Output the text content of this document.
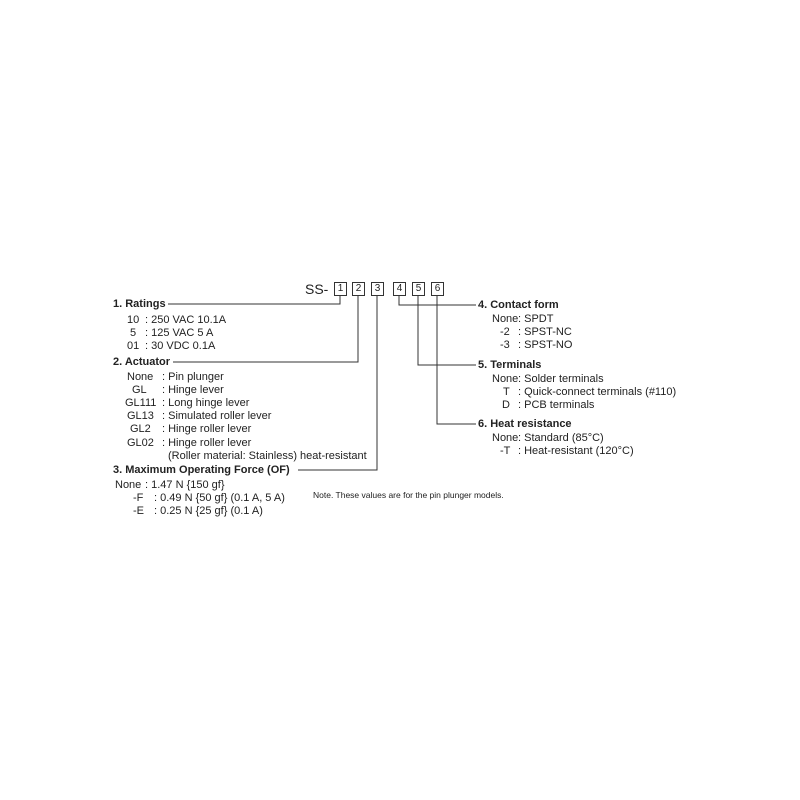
SS- 1	2	3	4	5	6
1. Ratings
10 : 250 VAC 10.1A
5 : 125 VAC 5 A
01 : 30 VDC 0.1A
2. Actuator
None : Pin plunger
GL : Hinge lever
GL111 : Long hinge lever
GL13 : Simulated roller lever
GL2 : Hinge roller lever
GL02 : Hinge roller lever
(Roller material: Stainless) heat-resistant
3. Maximum Operating Force (OF)
None : 1.47 N {150 gf}
-F : 0.49 N {50 gf} (0.1 A, 5 A)
-E : 0.25 N {25 gf} (0.1 A)
4. Contact form
None : SPDT
-2 : SPST-NC
-3 : SPST-NO
5. Terminals
None : Solder terminals
T : Quick-connect terminals (#110)
D : PCB terminals
6. Heat resistance
None : Standard (85°C)
-T : Heat-resistant (120°C)
Note. These values are for the pin plunger models.
